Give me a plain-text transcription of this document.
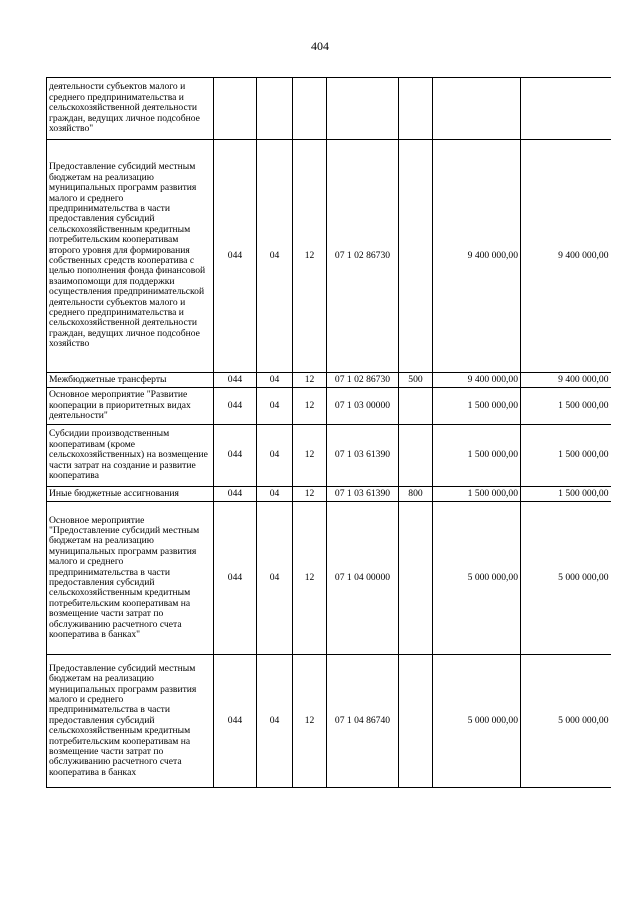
404
деятельности субъектов малого и среднего предпринимательства и сельскохозяйственной деятельности граждан, ведущих личное подсобное хозяйство"							

Предоставление субсидий местным бюджетам на реализацию муниципальных программ развития малого и среднего предпринимательства в части предоставления субсидий сельскохозяйственным кредитным потребительским кооперативам второго уровня для формирования собственных средств кооператива с целью пополнения фонда финансовой взаимопомощи для поддержки осуществления предпринимательской деятельности субъектов малого и среднего предпринимательства и сельскохозяйственной деятельности граждан, ведущих личное подсобное хозяйство	044	04	12	07 1 02 86730		9 400 000,00	9 400 000,00

Межбюджетные трансферты	044	04	12	07 1 02 86730	500	9 400 000,00	9 400 000,00

Основное мероприятие "Развитие кооперации в приоритетных видах деятельности"	044	04	12	07 1 03 00000		1 500 000,00	1 500 000,00

Субсидии производственным кооперативам (кроме сельскохозяйственных) на возмещение части затрат на создание и развитие кооператива	044	04	12	07 1 03 61390		1 500 000,00	1 500 000,00

Иные бюджетные ассигнования	044	04	12	07 1 03 61390	800	1 500 000,00	1 500 000,00

Основное мероприятие "Предоставление субсидий местным бюджетам на реализацию муниципальных программ развития малого и среднего предпринимательства в части предоставления субсидий сельскохозяйственным кредитным потребительским кооперативам на возмещение части затрат по обслуживанию расчетного счета кооператива в банках"	044	04	12	07 1 04 00000		5 000 000,00	5 000 000,00

Предоставление субсидий местным бюджетам на реализацию муниципальных программ развития малого и среднего предпринимательства в части предоставления субсидий сельскохозяйственным кредитным потребительским кооперативам на возмещение части затрат по обслуживанию расчетного счета кооператива в банках	044	04	12	07 1 04 86740		5 000 000,00	5 000 000,00
